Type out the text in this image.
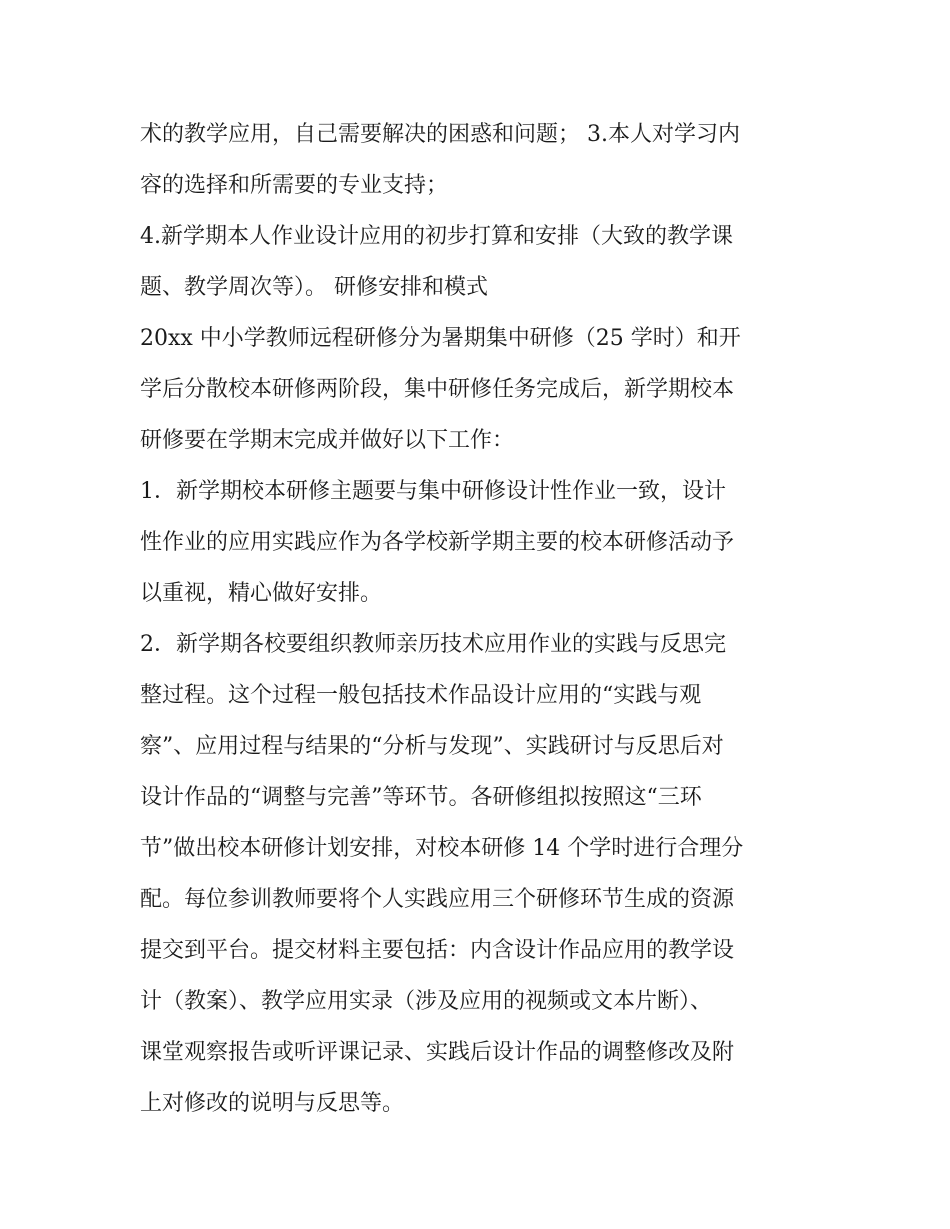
术的教学应用，自己需要解决的困惑和问题； 3.本人对学习内
容的选择和所需要的专业支持；
4.新学期本人作业设计应用的初步打算和安排（大致的教学课
题、教学周次等）。 研修安排和模式
20xx 中小学教师远程研修分为暑期集中研修（25 学时）和开
学后分散校本研修两阶段，集中研修任务完成后，新学期校本
研修要在学期末完成并做好以下工作：
1．新学期校本研修主题要与集中研修设计性作业一致，设计
性作业的应用实践应作为各学校新学期主要的校本研修活动予
以重视，精心做好安排。
2．新学期各校要组织教师亲历技术应用作业的实践与反思完
整过程。这个过程一般包括技术作品设计应用的“实践与观
察”、应用过程与结果的“分析与发现”、实践研讨与反思后对
设计作品的“调整与完善”等环节。各研修组拟按照这“三环
节”做出校本研修计划安排，对校本研修 14 个学时进行合理分
配。每位参训教师要将个人实践应用三个研修环节生成的资源
提交到平台。提交材料主要包括：内含设计作品应用的教学设
计（教案）、教学应用实录（涉及应用的视频或文本片断）、
课堂观察报告或听评课记录、实践后设计作品的调整修改及附
上对修改的说明与反思等。
